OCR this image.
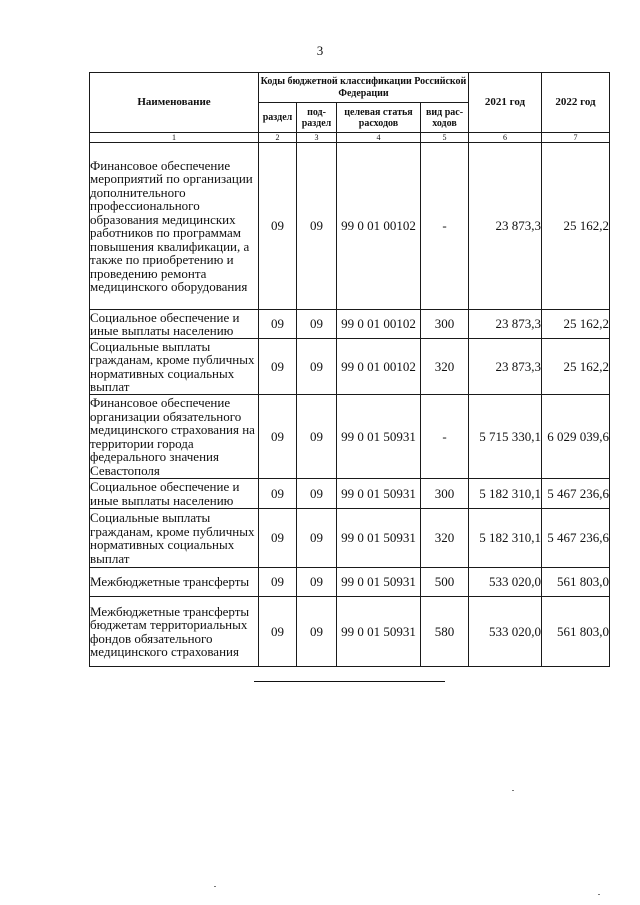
3
Наименование	Коды бюджетной классификации Российской Федерации				2021 год	2022 год
	раздел	под-раздел	целевая статья расходов	вид рас-ходов		
1	2	3	4	5	6	7
Финансовое обеспечение мероприятий по организации дополнительного профессионального образования медицинских работников по программам повышения квалификации, а также по приобретению и проведению ремонта медицинского оборудования	09	09	99 0 01 00102	-	23 873,3	25 162,2
Социальное обеспечение и иные выплаты населению	09	09	99 0 01 00102	300	23 873,3	25 162,2
Социальные выплаты гражданам, кроме публичных нормативных социальных выплат	09	09	99 0 01 00102	320	23 873,3	25 162,2
Финансовое обеспечение организации обязательного медицинского страхования на территории города федерального значения Севастополя	09	09	99 0 01 50931	-	5 715 330,1	6 029 039,6
Социальное обеспечение и иные выплаты населению	09	09	99 0 01 50931	300	5 182 310,1	5 467 236,6
Социальные выплаты гражданам, кроме публичных нормативных социальных выплат	09	09	99 0 01 50931	320	5 182 310,1	5 467 236,6
Межбюджетные трансферты	09	09	99 0 01 50931	500	533 020,0	561 803,0
Межбюджетные трансферты бюджетам территориальных фондов обязательного медицинского страхования	09	09	99 0 01 50931	580	533 020,0	561 803,0
